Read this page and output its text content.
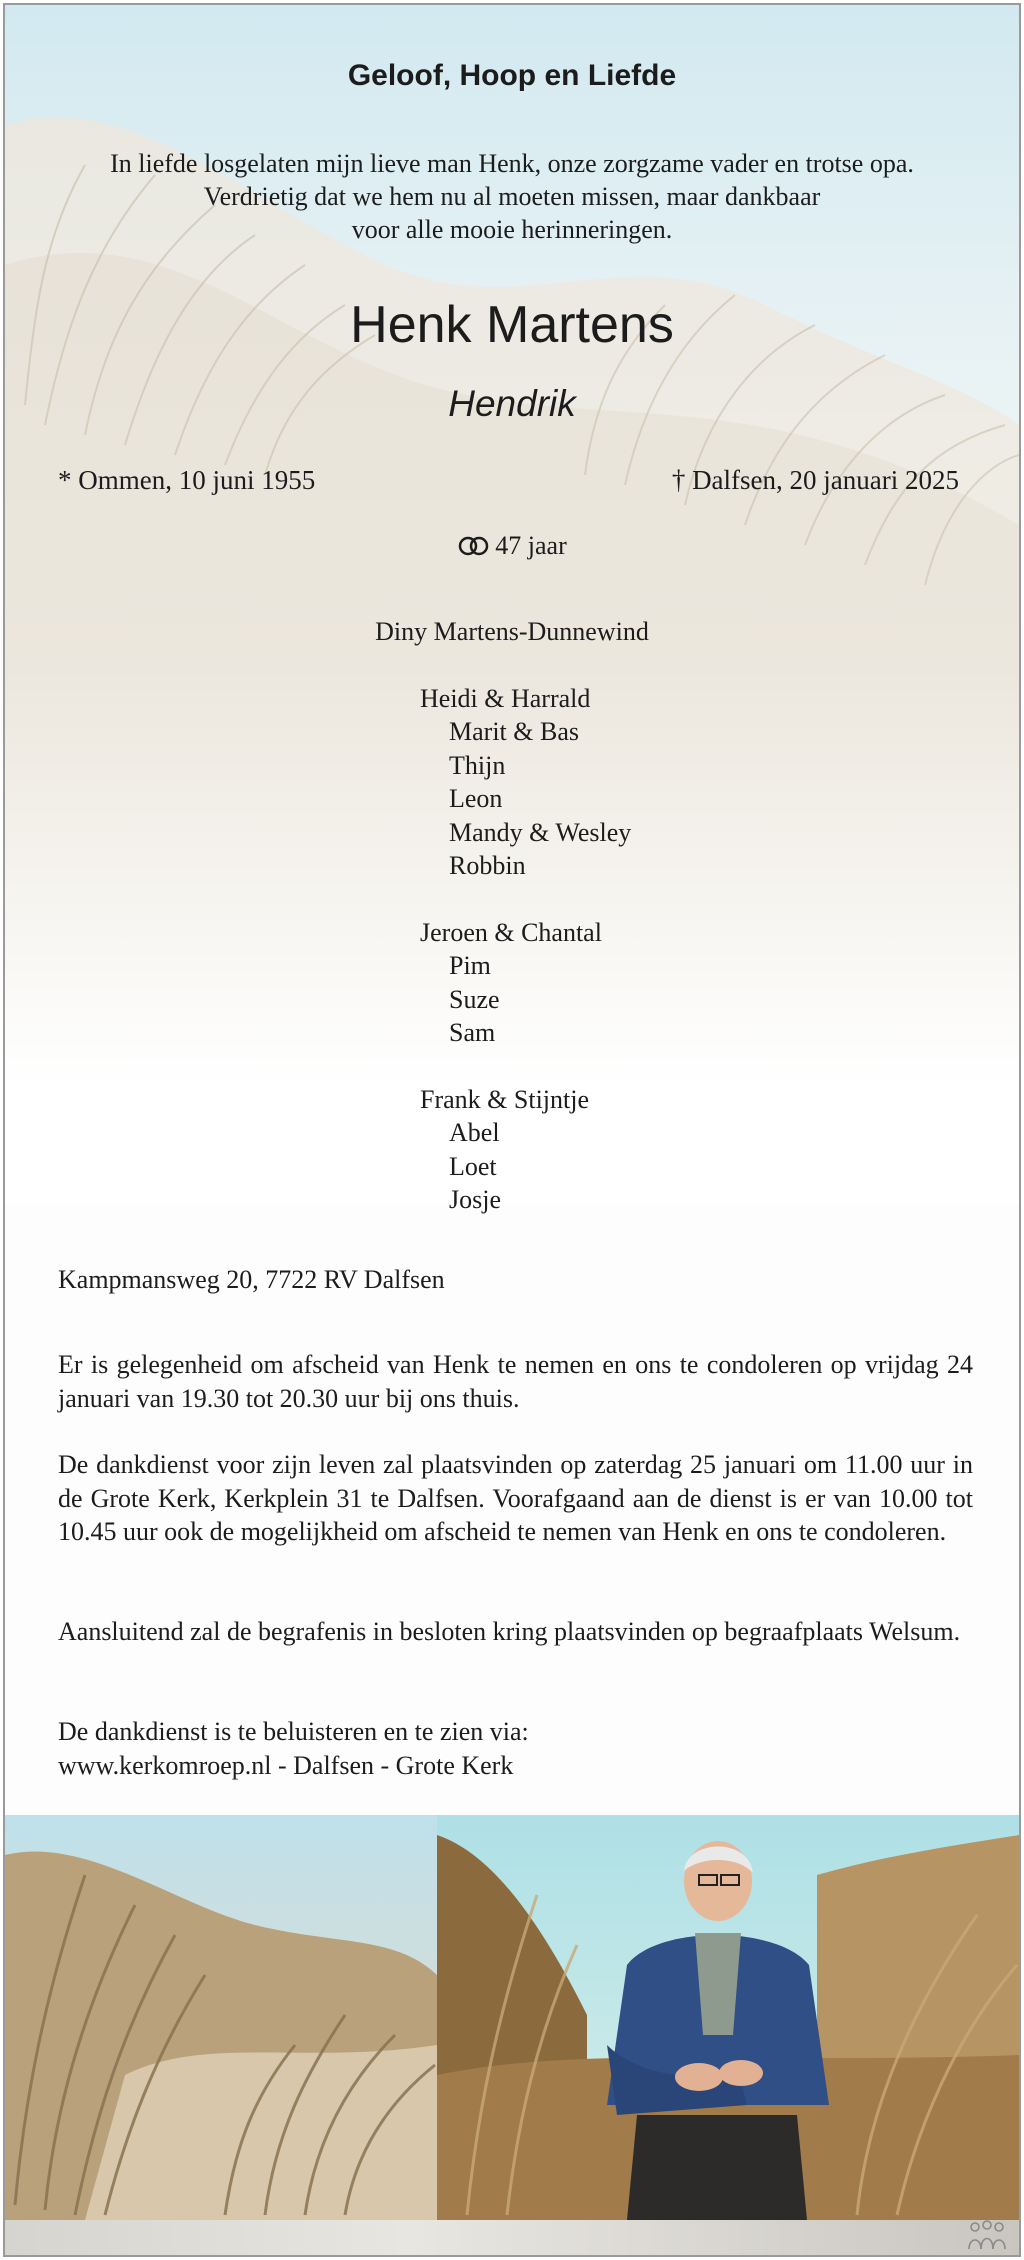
Geloof, Hoop en Liefde
In liefde losgelaten mijn lieve man Henk, onze zorgzame vader en trotse opa.
Verdrietig dat we hem nu al moeten missen, maar dankbaar
voor alle mooie herinneringen.
Henk Martens
Hendrik
* Ommen, 10 juni 1955	† Dalfsen, 20 januari 2025
47 jaar
Diny Martens-Dunnewind
Heidi & Harrald
Marit & Bas
Thijn
Leon
Mandy & Wesley
Robbin
Jeroen & Chantal
Pim
Suze
Sam
Frank & Stijntje
Abel
Loet
Josje
Kampmansweg 20, 7722 RV Dalfsen
Er is gelegenheid om afscheid van Henk te nemen en ons te condoleren op vrijdag 24 januari van 19.30 tot 20.30 uur bij ons thuis.
De dankdienst voor zijn leven zal plaatsvinden op zaterdag 25 januari om 11.00 uur in de Grote Kerk, Kerkplein 31 te Dalfsen. Voorafgaand aan de dienst is er van 10.00 tot 10.45 uur ook de mogelijkheid om afscheid te nemen van Henk en ons te condoleren.
Aansluitend zal de begrafenis in besloten kring plaatsvinden op begraafplaats Welsum.
De dankdienst is te beluisteren en te zien via:
www.kerkomroep.nl - Dalfsen - Grote Kerk
